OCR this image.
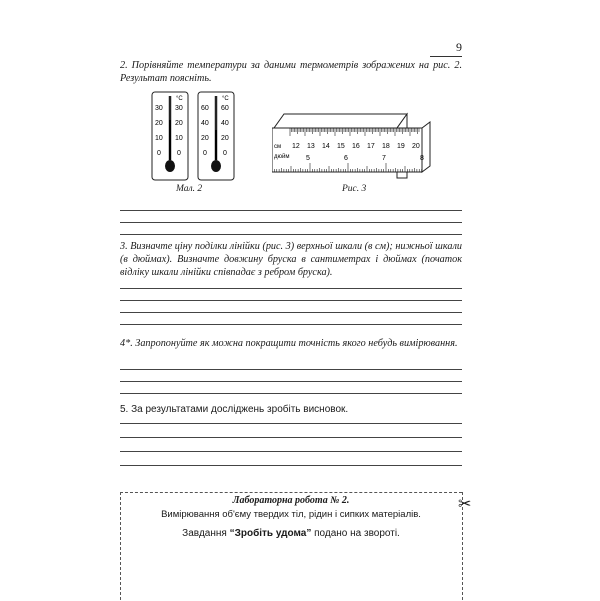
9
2. Порівняйте температури за даними термометрів зображених на рис. 2. Результат поясніть.
°C
30
20
10
0
30
20
10
0
°C
60
40
20
0
60
40
20
0
Мал. 2
см
дюйм
12 13 14 15 16 17 18 19 20
5	6	7	8
Рис. 3
3. Визначте ціну поділки лінійки (рис. 3) верхньої шкали (в см); нижньої шкали (в дюймах). Визначте довжину бруска в сантиметрах і дюймах (початок відліку шкали лінійки співпадає з ребром бруска).
4*. Запропонуйте як можна покращити точність якого небудь вимірювання.
5. За результатами досліджень зробіть висновок.
✂
Лабораторна робота № 2.
Вимірювання об'єму твердих тіл, рідин і сипких матеріалів.
Завдання “Зробіть удома” подано на звороті.
